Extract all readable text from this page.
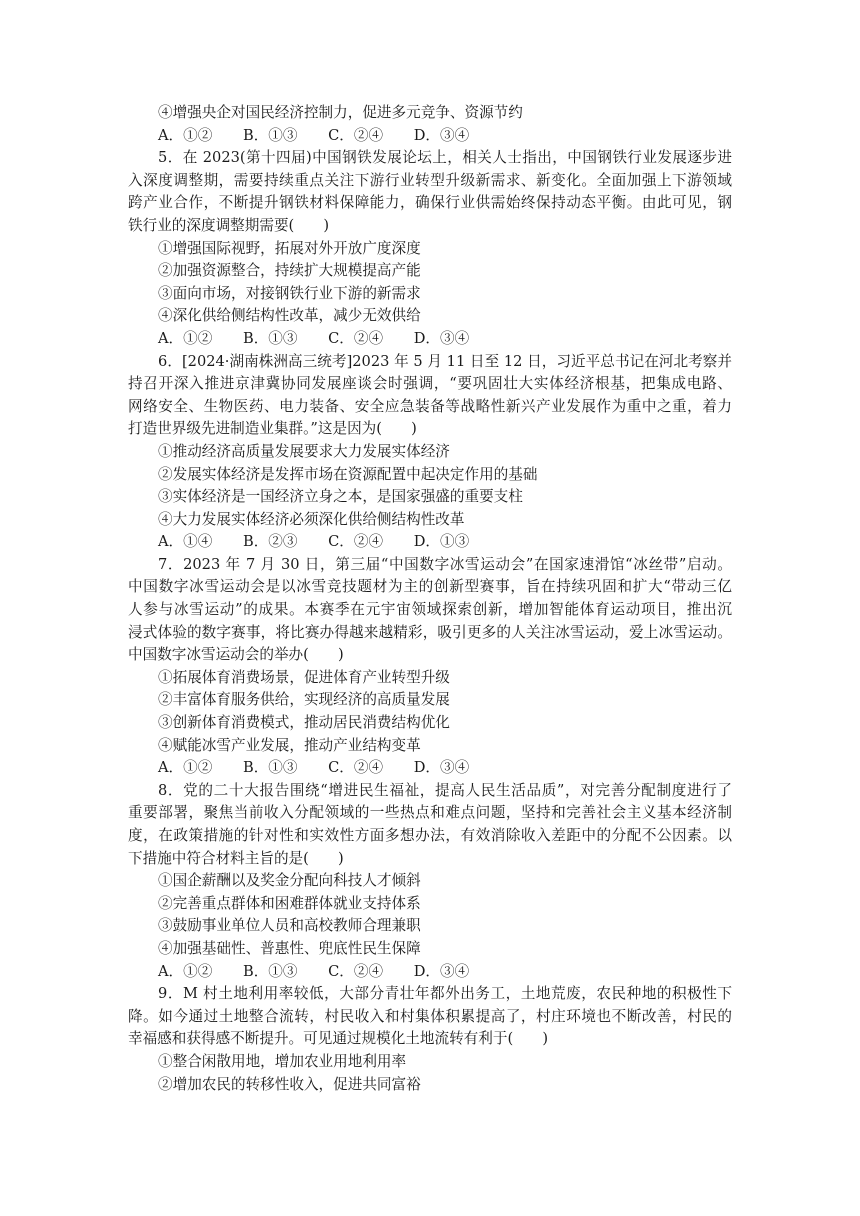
④增强央企对国民经济控制力，促进多元竞争、资源节约
A．①② B．①③ C．②④ D．③④
5．在 2023(第十四届)中国钢铁发展论坛上，相关人士指出，中国钢铁行业发展逐步进
入深度调整期，需要持续重点关注下游行业转型升级新需求、新变化。全面加强上下游领域
跨产业合作，不断提升钢铁材料保障能力，确保行业供需始终保持动态平衡。由此可见，钢
铁行业的深度调整期需要(　　)
①增强国际视野，拓展对外开放广度深度
②加强资源整合，持续扩大规模提高产能
③面向市场，对接钢铁行业下游的新需求
④深化供给侧结构性改革，减少无效供给
A．①② B．①③ C．②④ D．③④
6．[2024·湖南株洲高三统考]2023 年 5 月 11 日至 12 日，习近平总书记在河北考察并
持召开深入推进京津冀协同发展座谈会时强调，“要巩固壮大实体经济根基，把集成电路、
网络安全、生物医药、电力装备、安全应急装备等战略性新兴产业发展作为重中之重，着力
打造世界级先进制造业集群。”这是因为(　　)
①推动经济高质量发展要求大力发展实体经济
②发展实体经济是发挥市场在资源配置中起决定作用的基础
③实体经济是一国经济立身之本，是国家强盛的重要支柱
④大力发展实体经济必须深化供给侧结构性改革
A．①④ B．②③ C．②④ D．①③
7．2023 年 7 月 30 日，第三届“中国数字冰雪运动会”在国家速滑馆“冰丝带”启动。
中国数字冰雪运动会是以冰雪竞技题材为主的创新型赛事，旨在持续巩固和扩大“带动三亿
人参与冰雪运动”的成果。本赛季在元宇宙领域探索创新，增加智能体育运动项目，推出沉
浸式体验的数字赛事，将比赛办得越来越精彩，吸引更多的人关注冰雪运动，爱上冰雪运动。
中国数字冰雪运动会的举办(　　)
①拓展体育消费场景，促进体育产业转型升级
②丰富体育服务供给，实现经济的高质量发展
③创新体育消费模式，推动居民消费结构优化
④赋能冰雪产业发展，推动产业结构变革
A．①② B．①③ C．②④ D．③④
8．党的二十大报告围绕“增进民生福祉，提高人民生活品质”，对完善分配制度进行了
重要部署，聚焦当前收入分配领域的一些热点和难点问题，坚持和完善社会主义基本经济制
度，在政策措施的针对性和实效性方面多想办法，有效消除收入差距中的分配不公因素。以
下措施中符合材料主旨的是(　　)
①国企薪酬以及奖金分配向科技人才倾斜
②完善重点群体和困难群体就业支持体系
③鼓励事业单位人员和高校教师合理兼职
④加强基础性、普惠性、兜底性民生保障
A．①② B．①③ C．②④ D．③④
9．M 村土地利用率较低，大部分青壮年都外出务工，土地荒废，农民种地的积极性下
降。如今通过土地整合流转，村民收入和村集体积累提高了，村庄环境也不断改善，村民的
幸福感和获得感不断提升。可见通过规模化土地流转有利于(　　)
①整合闲散用地，增加农业用地利用率
②增加农民的转移性收入，促进共同富裕
